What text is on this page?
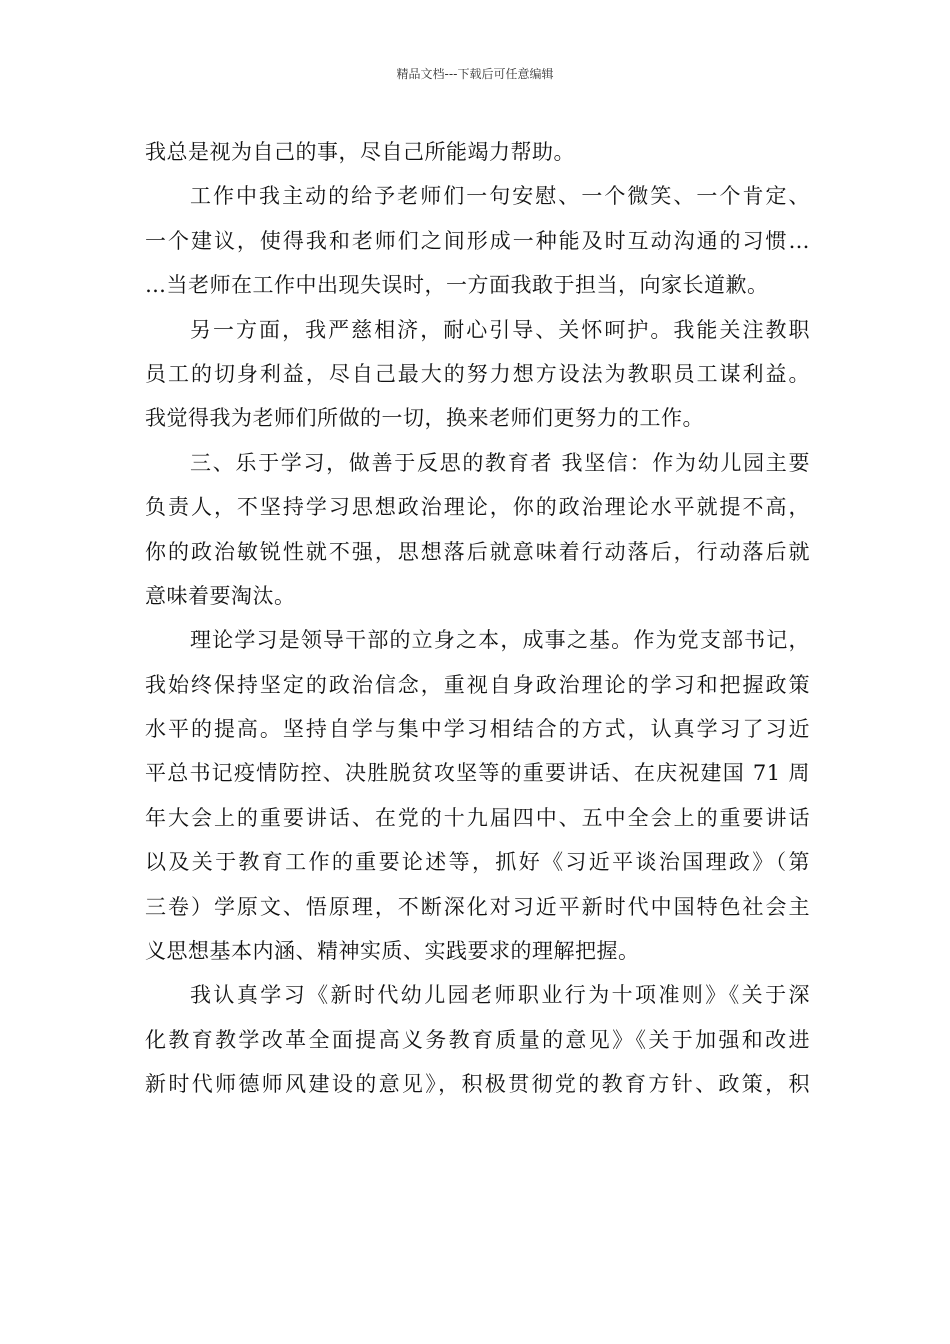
精品文档---下载后可任意编辑
我总是视为自己的事，尽自己所能竭力帮助。
工作中我主动的给予老师们一句安慰、一个微笑、一个肯定、
一个建议，使得我和老师们之间形成一种能及时互动沟通的习惯…
…当老师在工作中出现失误时，一方面我敢于担当，向家长道歉。
另一方面，我严慈相济，耐心引导、关怀呵护。我能关注教职
员工的切身利益，尽自己最大的努力想方设法为教职员工谋利益。
我觉得我为老师们所做的一切，换来老师们更努力的工作。
三、乐于学习，做善于反思的教育者 我坚信：作为幼儿园主要
负责人，不坚持学习思想政治理论，你的政治理论水平就提不高，
你的政治敏锐性就不强，思想落后就意味着行动落后，行动落后就
意味着要淘汰。
理论学习是领导干部的立身之本，成事之基。作为党支部书记，
我始终保持坚定的政治信念，重视自身政治理论的学习和把握政策
水平的提高。坚持自学与集中学习相结合的方式，认真学习了习近
平总书记疫情防控、决胜脱贫攻坚等的重要讲话、在庆祝建国 71 周
年大会上的重要讲话、在党的十九届四中、五中全会上的重要讲话
以及关于教育工作的重要论述等，抓好《习近平谈治国理政》（第
三卷）学原文、悟原理，不断深化对习近平新时代中国特色社会主
义思想基本内涵、精神实质、实践要求的理解把握。
我认真学习《新时代幼儿园老师职业行为十项准则》《关于深
化教育教学改革全面提高义务教育质量的意见》《关于加强和改进
新时代师德师风建设的意见》，积极贯彻党的教育方针、政策，积
